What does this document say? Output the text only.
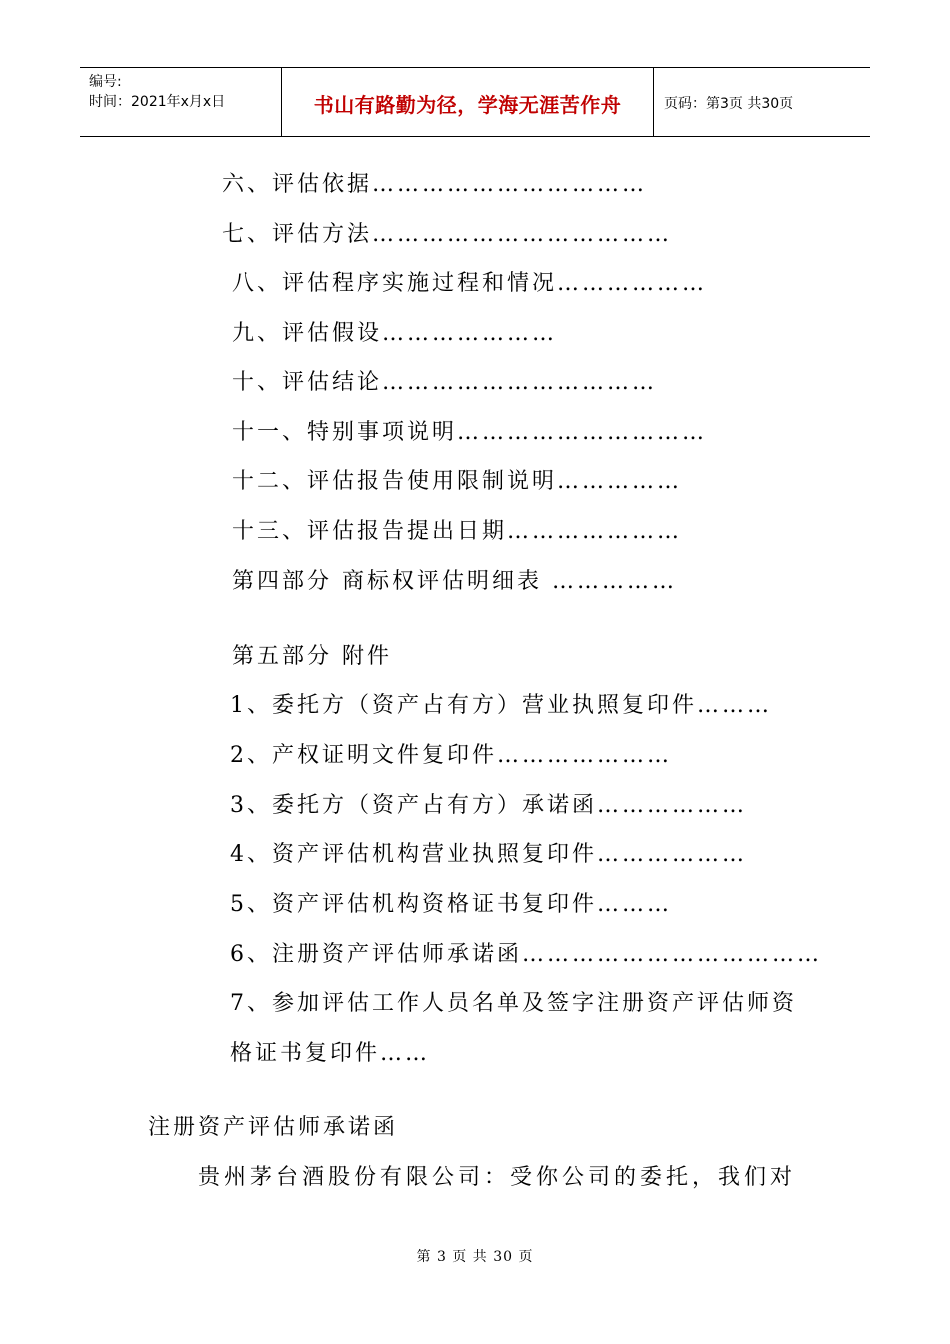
编号:
时间：2021年x月x日	书山有路勤为径，学海无涯苦作舟	页码：第3页 共30页
六、评估依据……………………………
七、评估方法………………………………
八、评估程序实施过程和情况………………
九、评估假设…………………
十、评估结论……………………………
十一、特别事项说明…………………………
十二、评估报告使用限制说明……………
十三、评估报告提出日期…………………
第四部分 商标权评估明细表 ……………
第五部分 附件
1、委托方（资产占有方）营业执照复印件………
2、产权证明文件复印件…………………
3、委托方（资产占有方）承诺函………………
4、资产评估机构营业执照复印件………………
5、资产评估机构资格证书复印件………
6、注册资产评估师承诺函………………………………
7、参加评估工作人员名单及签字注册资产评估师资
格证书复印件……
注册资产评估师承诺函
贵州茅台酒股份有限公司：受你公司的委托，我们对
第 3 页 共 30 页
